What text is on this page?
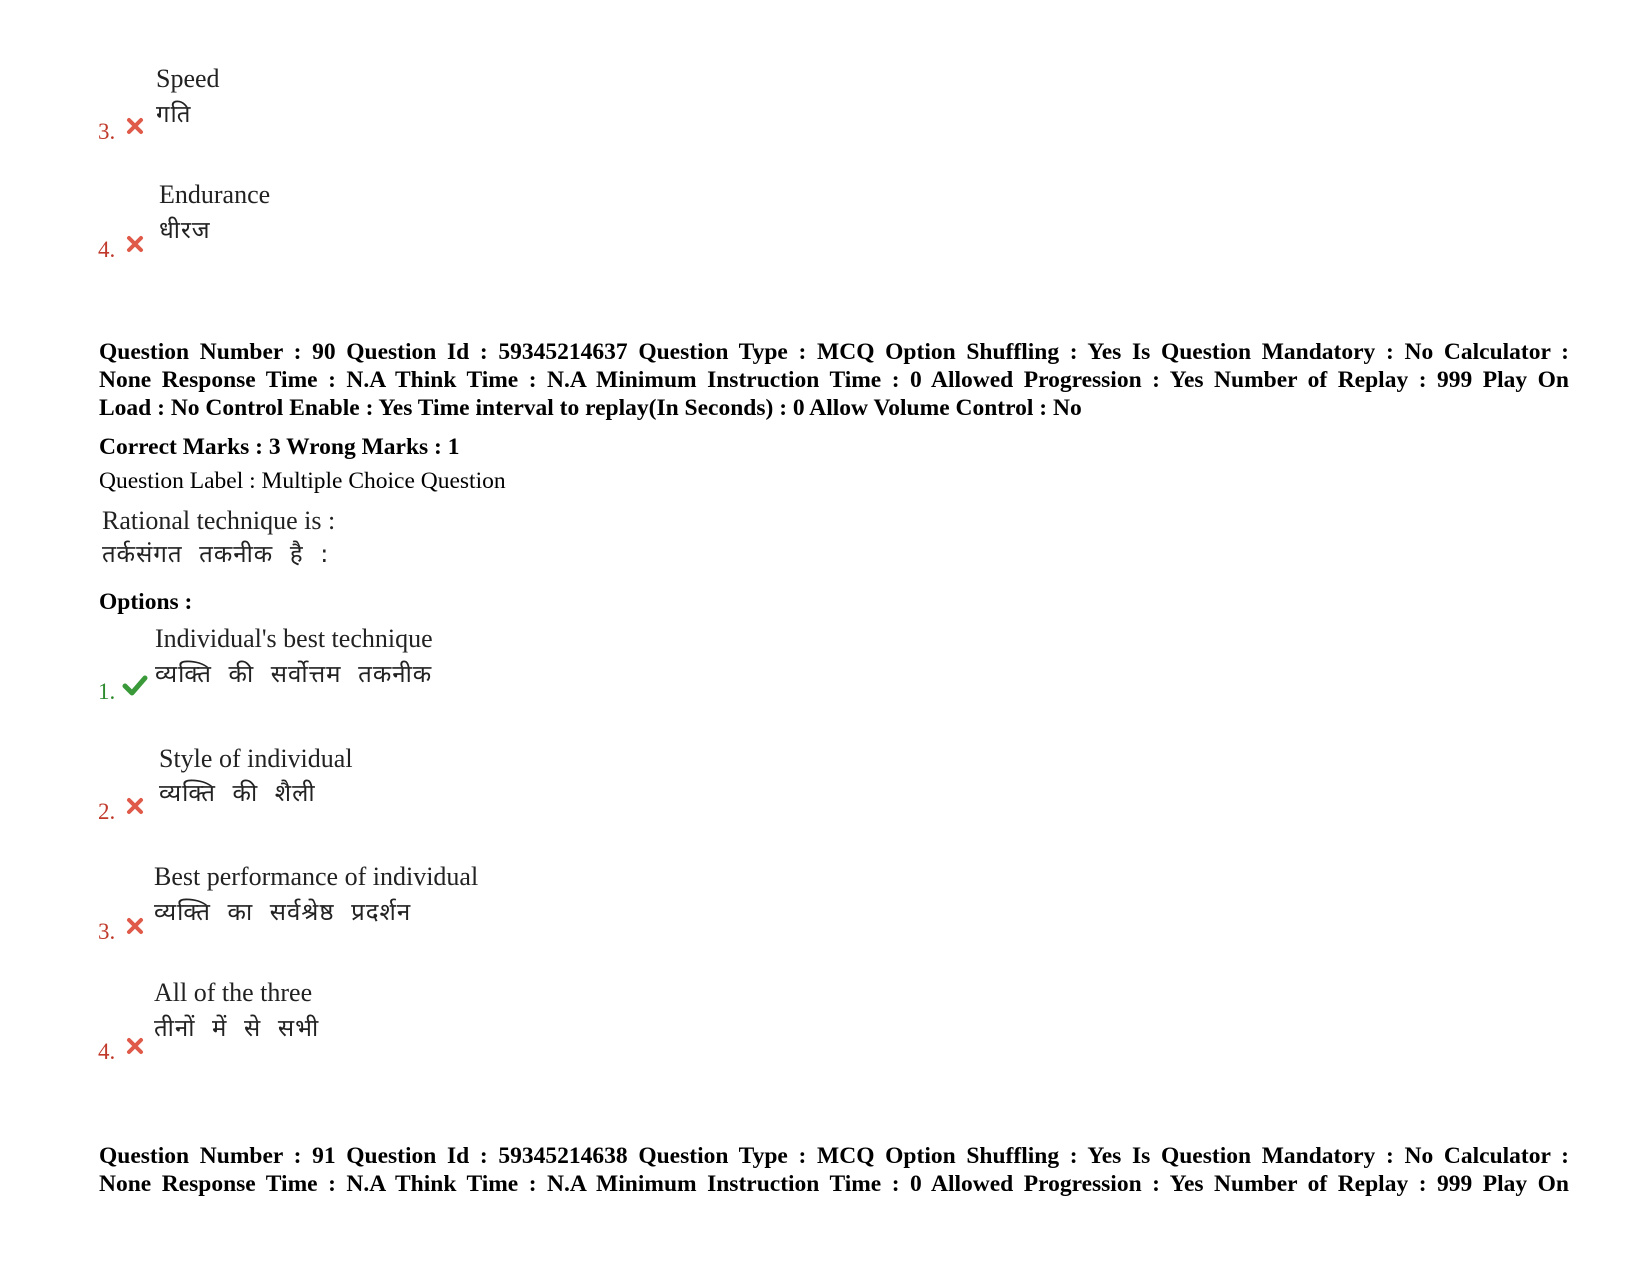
Speed
गति
3.
Endurance
धीरज
4.
Question Number : 90 Question Id : 59345214637 Question Type : MCQ Option Shuffling : Yes Is Question Mandatory : No Calculator :
None Response Time : N.A Think Time : N.A Minimum Instruction Time : 0 Allowed Progression : Yes Number of Replay : 999 Play On
Load : No Control Enable : Yes Time interval to replay(In Seconds) : 0 Allow Volume Control : No
Correct Marks : 3 Wrong Marks : 1
Question Label : Multiple Choice Question
Rational technique is :
तर्कसंगत तकनीक है :
Options :
Individual's best technique
व्यक्ति की सर्वोत्तम तकनीक
1.
Style of individual
व्यक्ति की शैली
2.
Best performance of individual
व्यक्ति का सर्वश्रेष्ठ प्रदर्शन
3.
All of the three
तीनों में से सभी
4.
Question Number : 91 Question Id : 59345214638 Question Type : MCQ Option Shuffling : Yes Is Question Mandatory : No Calculator :
None Response Time : N.A Think Time : N.A Minimum Instruction Time : 0 Allowed Progression : Yes Number of Replay : 999 Play On
